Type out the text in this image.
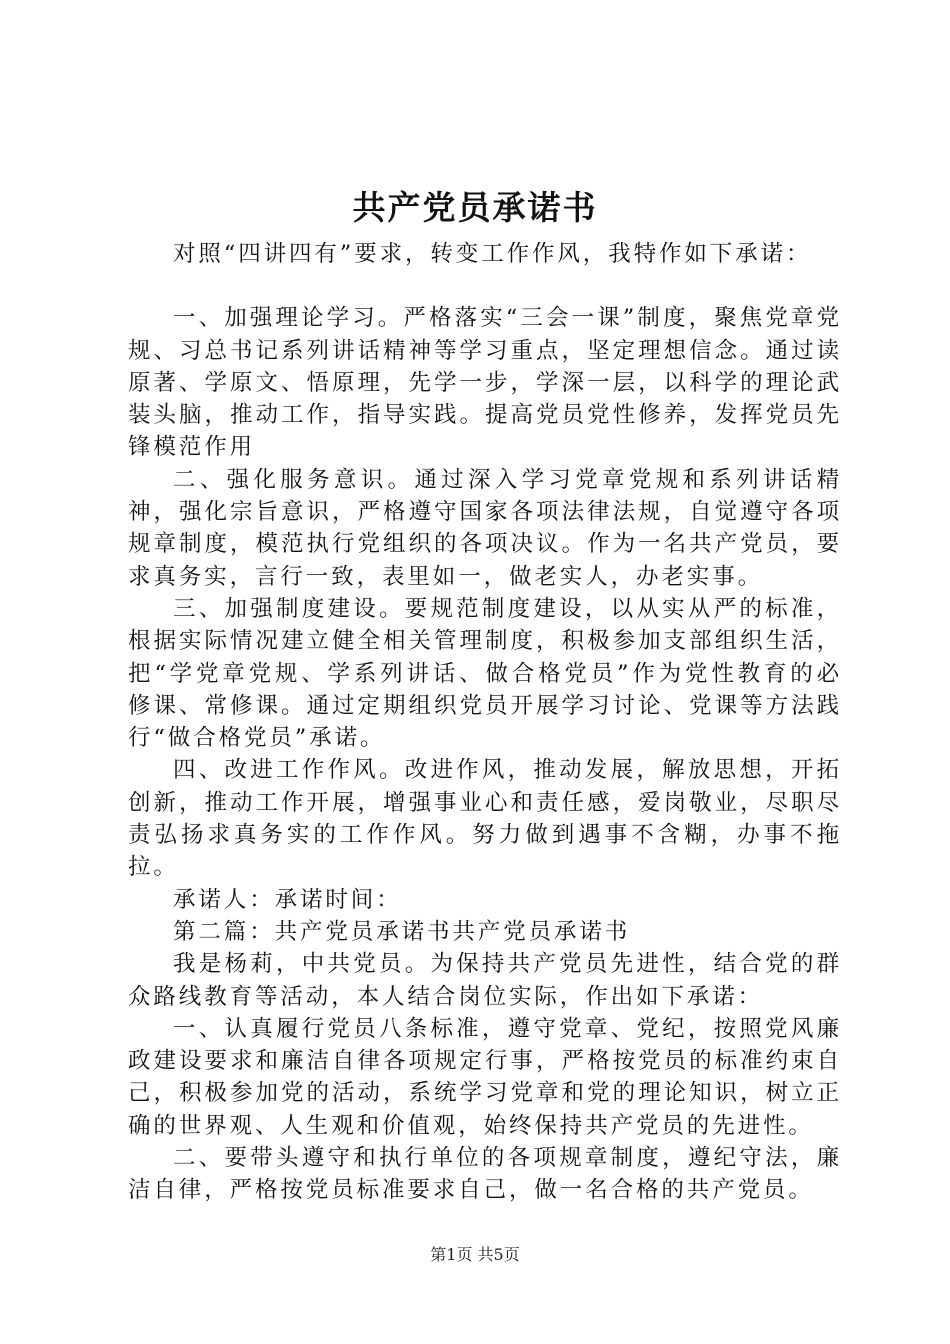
共产党员承诺书

对照“四讲四有”要求，转变工作作风，我特作如下承诺：

一、加强理论学习。严格落实“三会一课”制度，聚焦党章党规、习总书记系列讲话精神等学习重点，坚定理想信念。通过读原著、学原文、悟原理，先学一步，学深一层，以科学的理论武装头脑，推动工作，指导实践。提高党员党性修养，发挥党员先锋模范作用

二、强化服务意识。通过深入学习党章党规和系列讲话精神，强化宗旨意识，严格遵守国家各项法律法规，自觉遵守各项规章制度，模范执行党组织的各项决议。作为一名共产党员，要求真务实，言行一致，表里如一，做老实人，办老实事。

三、加强制度建设。要规范制度建设，以从实从严的标准，根据实际情况建立健全相关管理制度，积极参加支部组织生活，把“学党章党规、学系列讲话、做合格党员”作为党性教育的必修课、常修课。通过定期组织党员开展学习讨论、党课等方法践行“做合格党员”承诺。

四、改进工作作风。改进作风，推动发展，解放思想，开拓创新，推动工作开展，增强事业心和责任感，爱岗敬业，尽职尽责弘扬求真务实的工作作风。努力做到遇事不含糊，办事不拖拉。

承诺人：承诺时间：

第二篇：共产党员承诺书共产党员承诺书

我是杨莉，中共党员。为保持共产党员先进性，结合党的群众路线教育等活动，本人结合岗位实际，作出如下承诺：

一、认真履行党员八条标准，遵守党章、党纪，按照党风廉政建设要求和廉洁自律各项规定行事，严格按党员的标准约束自己，积极参加党的活动，系统学习党章和党的理论知识，树立正确的世界观、人生观和价值观，始终保持共产党员的先进性。

二、要带头遵守和执行单位的各项规章制度，遵纪守法，廉洁自律，严格按党员标准要求自己，做一名合格的共产党员。

第1页 共5页
